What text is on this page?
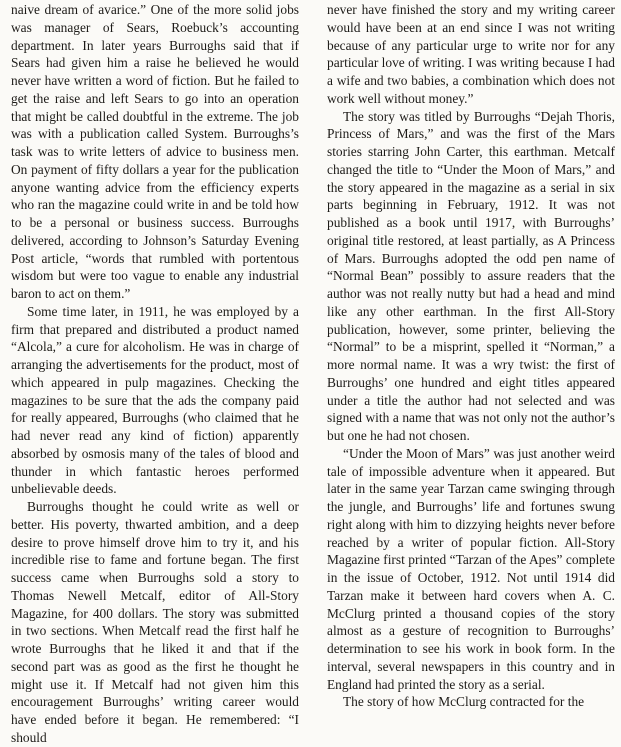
naive dream of avarice.” One of the more solid jobs was manager of Sears, Roebuck’s accounting department. In later years Burroughs said that if Sears had given him a raise he believed he would never have written a word of fiction. But he failed to get the raise and left Sears to go into an operation that might be called doubtful in the extreme. The job was with a publication called System. Burroughs’s task was to write letters of advice to business men. On payment of fifty dollars a year for the publication anyone wanting advice from the efficiency experts who ran the magazine could write in and be told how to be a personal or business success. Burroughs delivered, according to Johnson’s Saturday Evening Post article, “words that rumbled with portentous wisdom but were too vague to enable any industrial baron to act on them.”

Some time later, in 1911, he was employed by a firm that prepared and distributed a product named “Alcola,” a cure for alcoholism. He was in charge of arranging the advertisements for the product, most of which appeared in pulp magazines. Checking the magazines to be sure that the ads the company paid for really appeared, Burroughs (who claimed that he had never read any kind of fiction) apparently absorbed by osmosis many of the tales of blood and thunder in which fantastic heroes performed unbelievable deeds.

Burroughs thought he could write as well or better. His poverty, thwarted ambition, and a deep desire to prove himself drove him to try it, and his incredible rise to fame and fortune began. The first success came when Burroughs sold a story to Thomas Newell Metcalf, editor of All-Story Magazine, for 400 dollars. The story was submitted in two sections. When Metcalf read the first half he wrote Burroughs that he liked it and that if the second part was as good as the first he thought he might use it. If Metcalf had not given him this encouragement Burroughs’ writing career would have ended before it began. He remembered: “I should

never have finished the story and my writing career would have been at an end since I was not writing because of any particular urge to write nor for any particular love of writing. I was writing because I had a wife and two babies, a combination which does not work well without money.”

The story was titled by Burroughs “Dejah Thoris, Princess of Mars,” and was the first of the Mars stories starring John Carter, this earthman. Metcalf changed the title to “Under the Moon of Mars,” and the story appeared in the magazine as a serial in six parts beginning in February, 1912. It was not published as a book until 1917, with Burroughs’ original title restored, at least partially, as A Princess of Mars. Burroughs adopted the odd pen name of “Normal Bean” possibly to assure readers that the author was not really nutty but had a head and mind like any other earthman. In the first All-Story publication, however, some printer, believing the “Normal” to be a misprint, spelled it “Norman,” a more normal name. It was a wry twist: the first of Burroughs’ one hundred and eight titles appeared under a title the author had not selected and was signed with a name that was not only not the author’s but one he had not chosen.

“Under the Moon of Mars” was just another weird tale of impossible adventure when it appeared. But later in the same year Tarzan came swinging through the jungle, and Burroughs’ life and fortunes swung right along with him to dizzying heights never before reached by a writer of popular fiction. All-Story Magazine first printed “Tarzan of the Apes” complete in the issue of October, 1912. Not until 1914 did Tarzan make it between hard covers when A. C. McClurg printed a thousand copies of the story almost as a gesture of recognition to Burroughs’ determination to see his work in book form. In the interval, several newspapers in this country and in England had printed the story as a serial.

The story of how McClurg contracted for the
